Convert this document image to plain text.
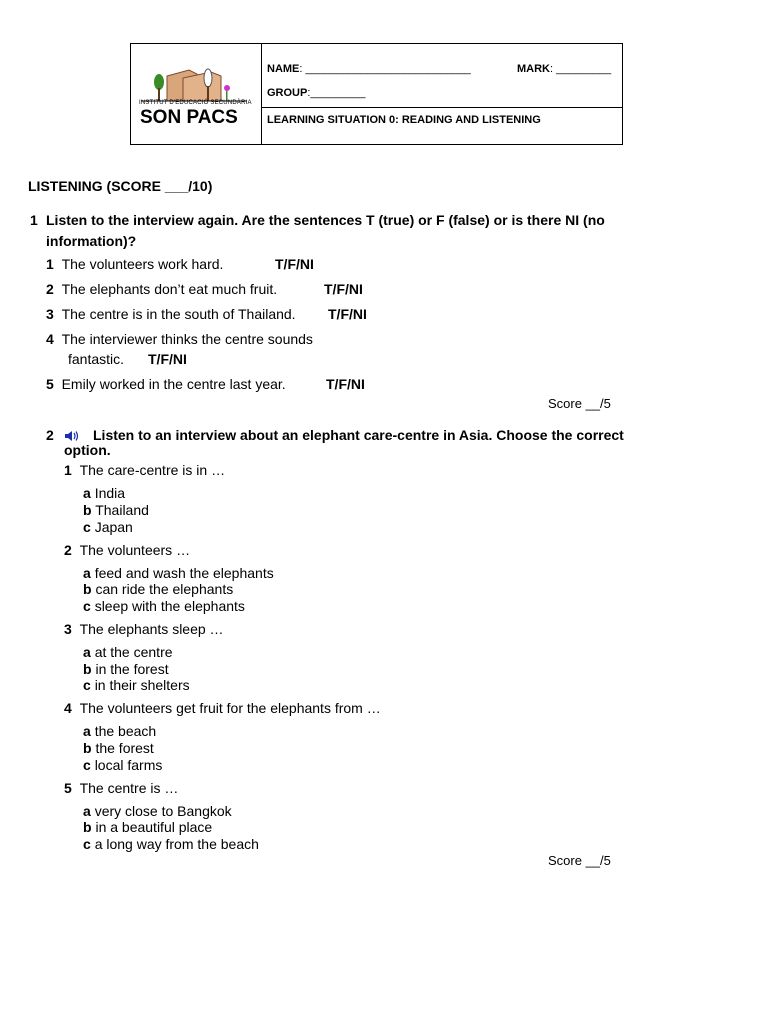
INSTITUT D'EDUCACIÓ SECUNDÀRIA
SON PACS
NAME: ___________________________	MARK: _________
GROUP:_________
LEARNING SITUATION 0: READING AND LISTENING
LISTENING (SCORE ___/10)
1 Listen to the interview again. Are the sentences T (true) or F (false) or is there NI (no
information)?
1 The volunteers work hard.	T/F/NI
2 The elephants don’t eat much fruit.	T/F/NI
3 The centre is in the south of Thailand. T/F/NI
4 The interviewer thinks the centre sounds
fantastic. T/F/NI
5 Emily worked in the centre last year.	T/F/NI
Score __/5
2	Listen to an interview about an elephant care-centre in Asia. Choose the correct
option.
1 The care-centre is in …
a India
b Thailand
c Japan
2 The volunteers …
a feed and wash the elephants
b can ride the elephants
c sleep with the elephants
3 The elephants sleep …
a at the centre
b in the forest
c in their shelters
4 The volunteers get fruit for the elephants from …
a the beach
b the forest
c local farms
5 The centre is …
a very close to Bangkok
b in a beautiful place
c a long way from the beach
Score __/5
